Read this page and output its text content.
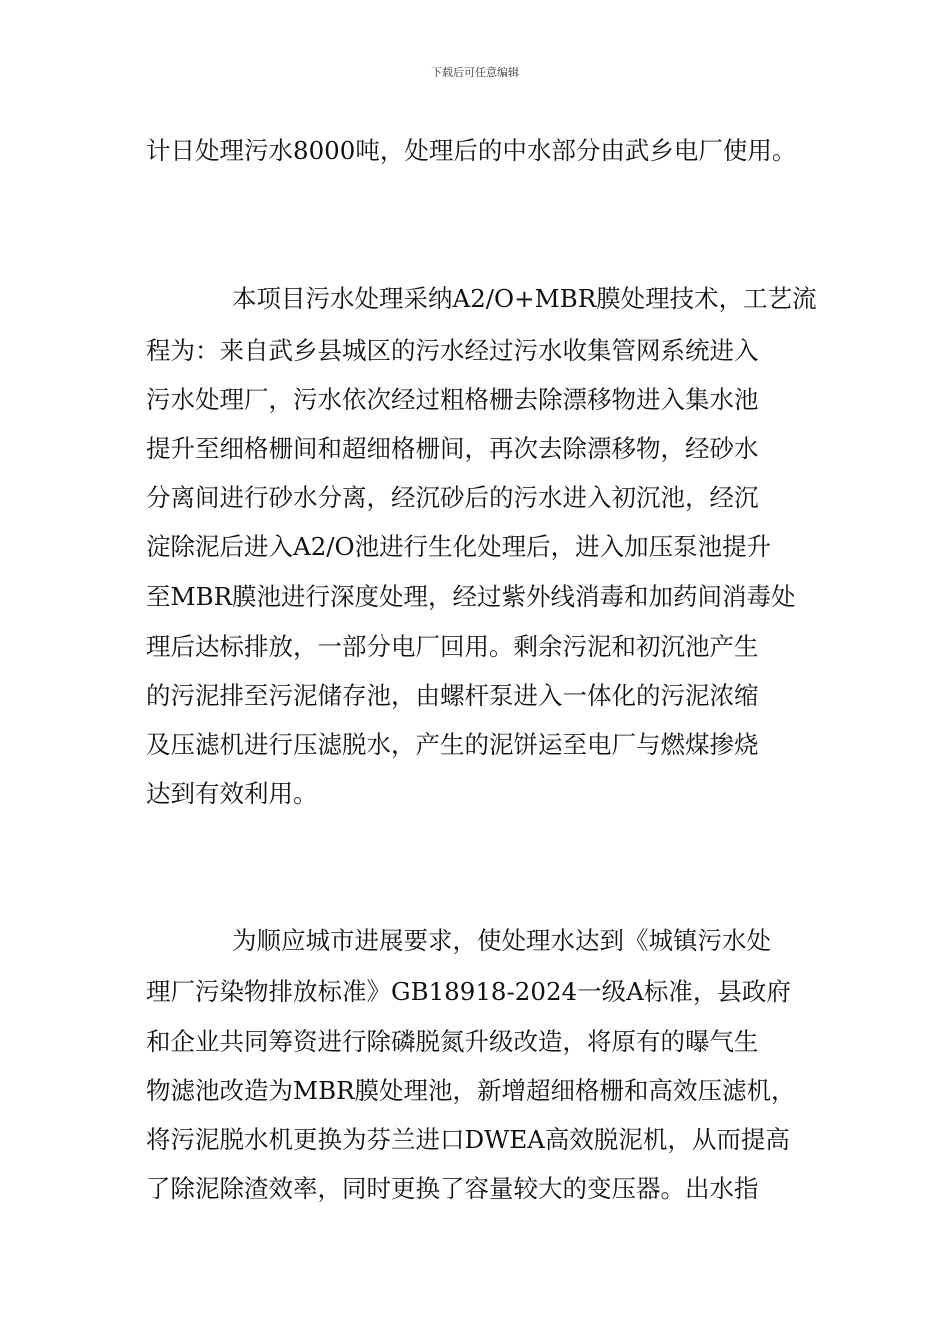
下载后可任意编辑
计日处理污水8000吨，处理后的中水部分由武乡电厂使用。
本项目污水处理采纳A2/O+MBR膜处理技术，工艺流
程为：来自武乡县城区的污水经过污水收集管网系统进入
污水处理厂，污水依次经过粗格栅去除漂移物进入集水池
提升至细格栅间和超细格栅间，再次去除漂移物，经砂水
分离间进行砂水分离，经沉砂后的污水进入初沉池，经沉
淀除泥后进入A2/O池进行生化处理后，进入加压泵池提升
至MBR膜池进行深度处理，经过紫外线消毒和加药间消毒处
理后达标排放，一部分电厂回用。剩余污泥和初沉池产生
的污泥排至污泥储存池，由螺杆泵进入一体化的污泥浓缩
及压滤机进行压滤脱水，产生的泥饼运至电厂与燃煤掺烧
达到有效利用。
为顺应城市进展要求，使处理水达到《城镇污水处
理厂污染物排放标准》GB18918-2024一级A标准，县政府
和企业共同筹资进行除磷脱氮升级改造，将原有的曝气生
物滤池改造为MBR膜处理池，新增超细格栅和高效压滤机，
将污泥脱水机更换为芬兰进口DWEA高效脱泥机，从而提高
了除泥除渣效率，同时更换了容量较大的变压器。出水指
